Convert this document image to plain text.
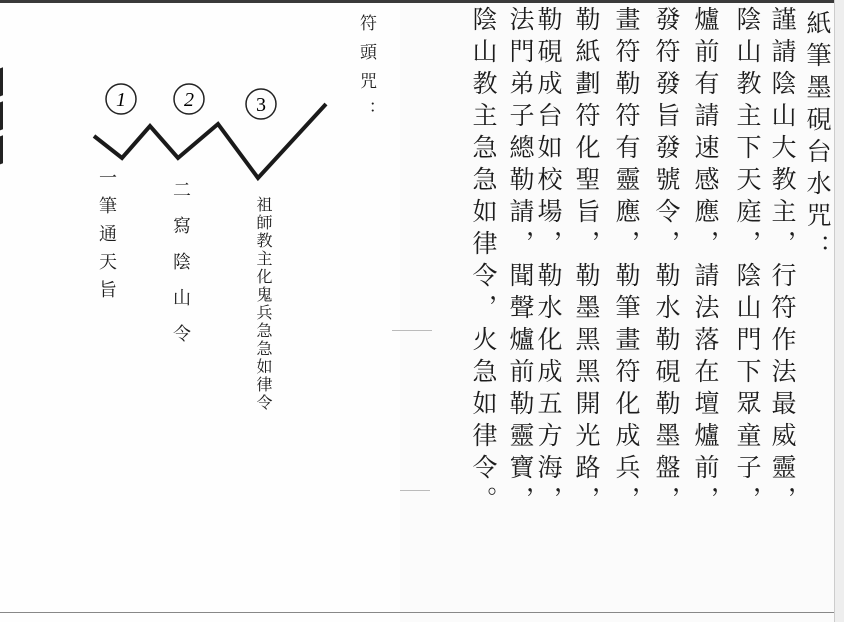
紙筆墨硯台水咒：
謹請陰山大教主，行符作法最威靈，
陰山教主下天庭，陰山門下眾童子，
爐前有請速感應，請法落在壇爐前，
發符發旨發號令，勒水勒硯勒墨盤，
畫符勒符有靈應，勒筆畫符化成兵，
勒紙劃符化聖旨，勒墨黑黑開光路，
勒硯成台如校場，勒水化成五方海，
法門弟子總勒請，聞聲爐前勒靈寶，
陰山教主急急如律令，火急如律令。
符頭咒：
1	2	3
一筆通天旨	二寫陰山令	祖師教主化鬼兵急急如律令
